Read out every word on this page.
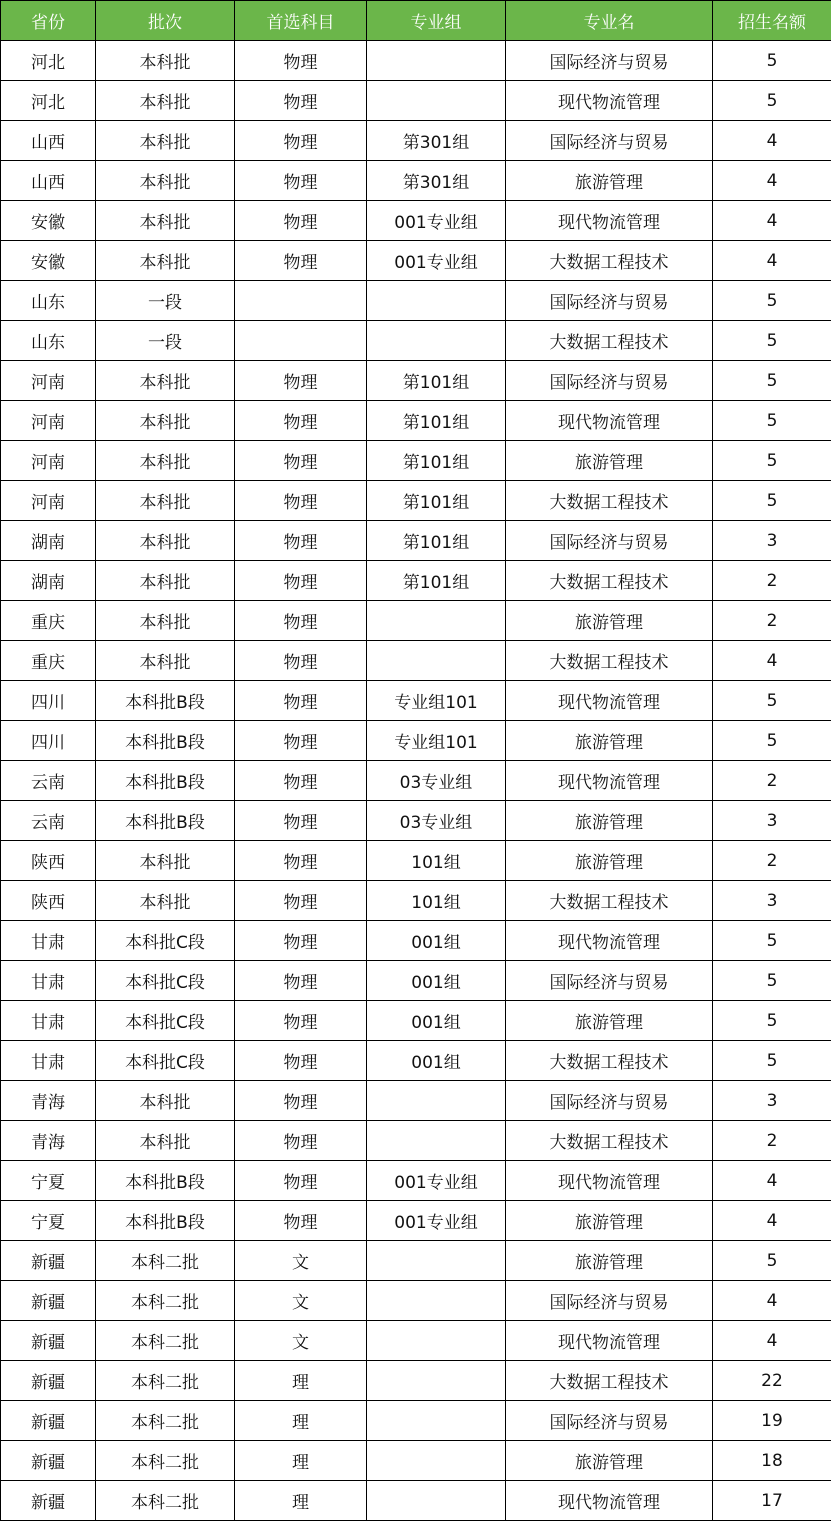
省份	批次	首选科目	专业组	专业名	招生名额
河北	本科批	物理		国际经济与贸易	5
河北	本科批	物理		现代物流管理	5
山西	本科批	物理	第301组	国际经济与贸易	4
山西	本科批	物理	第301组	旅游管理	4
安徽	本科批	物理	001专业组	现代物流管理	4
安徽	本科批	物理	001专业组	大数据工程技术	4
山东	一段			国际经济与贸易	5
山东	一段			大数据工程技术	5
河南	本科批	物理	第101组	国际经济与贸易	5
河南	本科批	物理	第101组	现代物流管理	5
河南	本科批	物理	第101组	旅游管理	5
河南	本科批	物理	第101组	大数据工程技术	5
湖南	本科批	物理	第101组	国际经济与贸易	3
湖南	本科批	物理	第101组	大数据工程技术	2
重庆	本科批	物理		旅游管理	2
重庆	本科批	物理		大数据工程技术	4
四川	本科批B段	物理	专业组101	现代物流管理	5
四川	本科批B段	物理	专业组101	旅游管理	5
云南	本科批B段	物理	03专业组	现代物流管理	2
云南	本科批B段	物理	03专业组	旅游管理	3
陕西	本科批	物理	101组	旅游管理	2
陕西	本科批	物理	101组	大数据工程技术	3
甘肃	本科批C段	物理	001组	现代物流管理	5
甘肃	本科批C段	物理	001组	国际经济与贸易	5
甘肃	本科批C段	物理	001组	旅游管理	5
甘肃	本科批C段	物理	001组	大数据工程技术	5
青海	本科批	物理		国际经济与贸易	3
青海	本科批	物理		大数据工程技术	2
宁夏	本科批B段	物理	001专业组	现代物流管理	4
宁夏	本科批B段	物理	001专业组	旅游管理	4
新疆	本科二批	文		旅游管理	5
新疆	本科二批	文		国际经济与贸易	4
新疆	本科二批	文		现代物流管理	4
新疆	本科二批	理		大数据工程技术	22
新疆	本科二批	理		国际经济与贸易	19
新疆	本科二批	理		旅游管理	18
新疆	本科二批	理		现代物流管理	17
